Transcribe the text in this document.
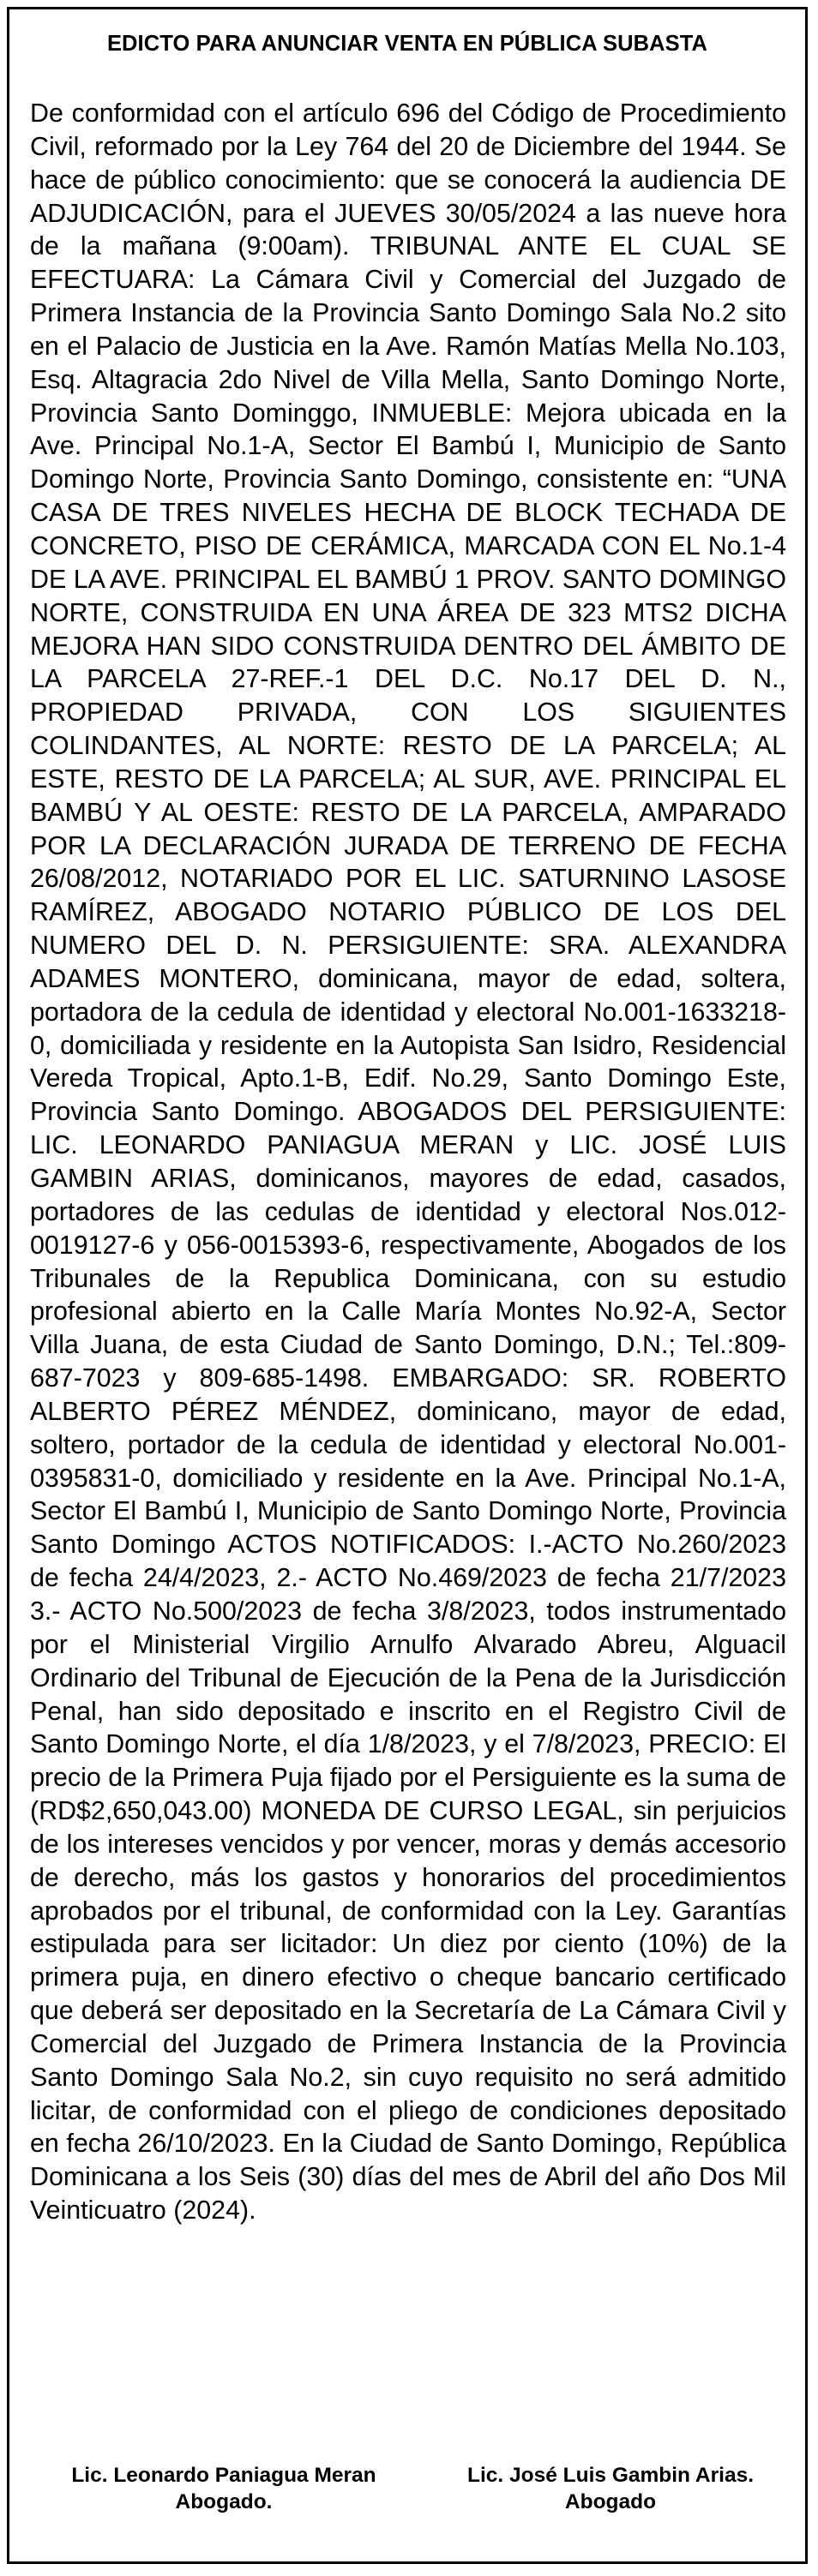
EDICTO PARA ANUNCIAR VENTA EN PÚBLICA SUBASTA
De conformidad con el artículo 696 del Código de Procedimiento Civil, reformado por la Ley 764 del 20 de Diciembre del 1944. Se hace de público conocimiento: que se conocerá la audiencia DE ADJUDICACIÓN, para el JUEVES 30/05/2024 a las nueve hora de la mañana (9:00am). TRIBUNAL ANTE EL CUAL SE EFECTUARA: La Cámara Civil y Comercial del Juzgado de Primera Instancia de la Provincia Santo Domingo Sala No.2 sito en el Palacio de Justicia en la Ave. Ramón Matías Mella No.103, Esq. Altagracia 2do Nivel de Villa Mella, Santo Domingo Norte, Provincia Santo Dominggo, INMUEBLE: Mejora ubicada en la Ave. Principal No.1-A, Sector El Bambú I, Municipio de Santo Domingo Norte, Provincia Santo Domingo, consistente en: “UNA CASA DE TRES NIVELES HECHA DE BLOCK TECHADA DE CONCRETO, PISO DE CERÁMICA, MARCADA CON EL No.1-4 DE LA AVE. PRINCIPAL EL BAMBÚ 1 PROV. SANTO DOMINGO NORTE, CONSTRUIDA EN UNA ÁREA DE 323 MTS2 DICHA MEJORA HAN SIDO CONSTRUIDA DENTRO DEL ÁMBITO DE LA PARCELA 27-REF.-1 DEL D.C. No.17 DEL D. N., PROPIEDAD PRIVADA, CON LOS SIGUIENTES COLINDANTES, AL NORTE: RESTO DE LA PARCELA; AL ESTE, RESTO DE LA PARCELA; AL SUR, AVE. PRINCIPAL EL BAMBÚ Y AL OESTE: RESTO DE LA PARCELA, AMPARADO POR LA DECLARACIÓN JURADA DE TERRENO DE FECHA 26/08/2012, NOTARIADO POR EL LIC. SATURNINO LASOSE RAMÍREZ, ABOGADO NOTARIO PÚBLICO DE LOS DEL NUMERO DEL D. N. PERSIGUIENTE: SRA. ALEXANDRA ADAMES MONTERO, dominicana, mayor de edad, soltera, portadora de la cedula de identidad y electoral No.001-1633218-0, domiciliada y residente en la Autopista San Isidro, Residencial Vereda Tropical, Apto.1-B, Edif. No.29, Santo Domingo Este, Provincia Santo Domingo. ABOGADOS DEL PERSIGUIENTE: LIC. LEONARDO PANIAGUA MERAN y LIC. JOSÉ LUIS GAMBIN ARIAS, dominicanos, mayores de edad, casados, portadores de las cedulas de identidad y electoral Nos.012- 0019127-6 y 056-0015393-6, respectivamente, Abogados de los Tribunales de la Republica Dominicana, con su estudio profesional abierto en la Calle María Montes No.92-A, Sector Villa Juana, de esta Ciudad de Santo Domingo, D.N.; Tel.:809-687-7023 y 809-685-1498. EMBARGADO: SR. ROBERTO ALBERTO PÉREZ MÉNDEZ, dominicano, mayor de edad, soltero, portador de la cedula de identidad y electoral No.001-0395831-0, domiciliado y residente en la Ave. Principal No.1-A, Sector El Bambú I, Municipio de Santo Domingo Norte, Provincia Santo Domingo ACTOS NOTIFICADOS: I.-ACTO No.260/2023 de fecha 24/4/2023, 2.- ACTO No.469/2023 de fecha 21/7/2023 3.- ACTO No.500/2023 de fecha 3/8/2023, todos instrumentado por el Ministerial Virgilio Arnulfo Alvarado Abreu, Alguacil Ordinario del Tribunal de Ejecución de la Pena de la Jurisdicción Penal, han sido depositado e inscrito en el Registro Civil de Santo Domingo Norte, el día 1/8/2023, y el 7/8/2023, PRECIO: El precio de la Primera Puja fijado por el Persiguiente es la suma de (RD$2,650,043.00) MONEDA DE CURSO LEGAL, sin perjuicios de los intereses vencidos y por vencer, moras y demás accesorio de derecho, más los gastos y honorarios del procedimientos aprobados por el tribunal, de conformidad con la Ley. Garantías estipulada para ser licitador: Un diez por ciento (10%) de la primera puja, en dinero efectivo o cheque bancario certificado que deberá ser depositado en la Secretaría de La Cámara Civil y Comercial del Juzgado de Primera Instancia de la Provincia Santo Domingo Sala No.2, sin cuyo requisito no será admitido licitar, de conformidad con el pliego de condiciones depositado en fecha 26/10/2023. En la Ciudad de Santo Domingo, República Dominicana a los Seis (30) días del mes de Abril del año Dos Mil Veinticuatro (2024).
Lic. Leonardo Paniagua Meran
Abogado.
Lic. José Luis Gambin Arias.
Abogado
